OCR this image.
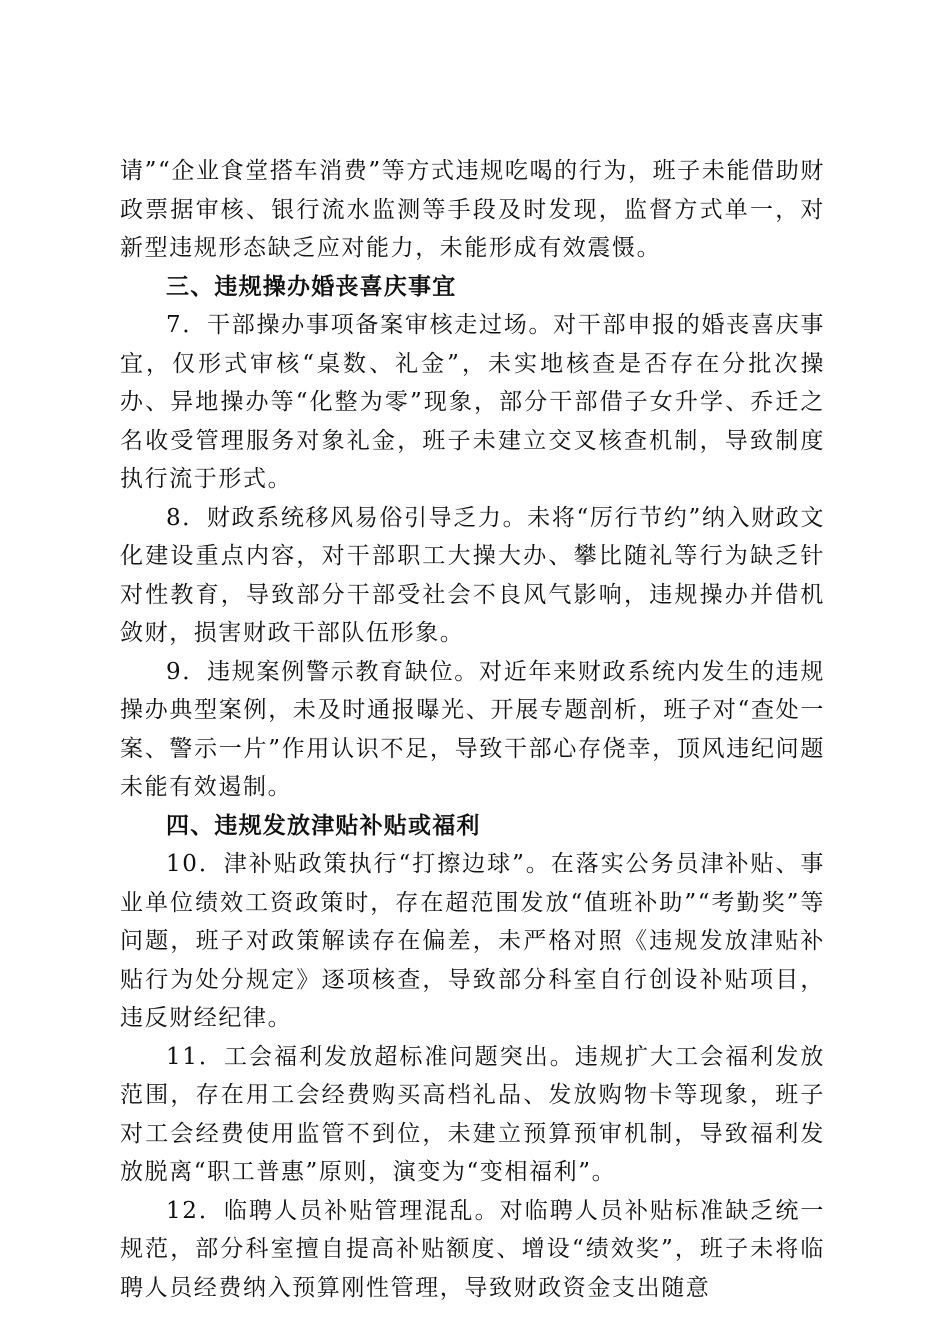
请”“企业食堂搭车消费”等方式违规吃喝的行为，班子未能借助财政票据审核、银行流水监测等手段及时发现，监督方式单一，对新型违规形态缺乏应对能力，未能形成有效震慑。

三、违规操办婚丧喜庆事宜

7．干部操办事项备案审核走过场。对干部申报的婚丧喜庆事宜，仅形式审核“桌数、礼金”，未实地核查是否存在分批次操办、异地操办等“化整为零”现象，部分干部借子女升学、乔迁之名收受管理服务对象礼金，班子未建立交叉核查机制，导致制度执行流于形式。

8．财政系统移风易俗引导乏力。未将“厉行节约”纳入财政文化建设重点内容，对干部职工大操大办、攀比随礼等行为缺乏针对性教育，导致部分干部受社会不良风气影响，违规操办并借机敛财，损害财政干部队伍形象。

9．违规案例警示教育缺位。对近年来财政系统内发生的违规操办典型案例，未及时通报曝光、开展专题剖析，班子对“查处一案、警示一片”作用认识不足，导致干部心存侥幸，顶风违纪问题未能有效遏制。

四、违规发放津贴补贴或福利

10．津补贴政策执行“打擦边球”。在落实公务员津补贴、事业单位绩效工资政策时，存在超范围发放“值班补助”“考勤奖”等问题，班子对政策解读存在偏差，未严格对照《违规发放津贴补贴行为处分规定》逐项核查，导致部分科室自行创设补贴项目，违反财经纪律。

11．工会福利发放超标准问题突出。违规扩大工会福利发放范围，存在用工会经费购买高档礼品、发放购物卡等现象，班子对工会经费使用监管不到位，未建立预算预审机制，导致福利发放脱离“职工普惠”原则，演变为“变相福利”。

12．临聘人员补贴管理混乱。对临聘人员补贴标准缺乏统一规范，部分科室擅自提高补贴额度、增设“绩效奖”，班子未将临聘人员经费纳入预算刚性管理，导致财政资金支出随意
